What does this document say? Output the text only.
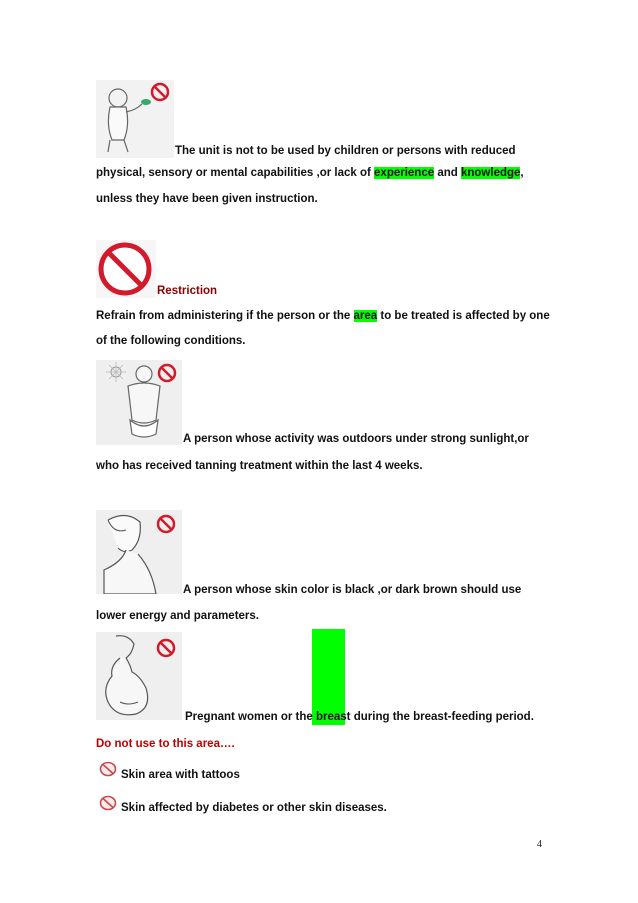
The unit is not to be used by children or persons with reduced
physical, sensory or mental capabilities ,or lack of experience and knowledge,
unless they have been given instruction.
Restriction
Refrain from administering if the person or the area to be treated is affected by one
of the following conditions.
A person whose activity was outdoors under strong sunlight,or
who has received tanning treatment within the last 4 weeks.
A person whose skin color is black ,or dark brown should use
lower energy and parameters.
Pregnant women or the breast during the breast-feeding period.
Do not use to this area….
Skin area with tattoos
Skin affected by diabetes or other skin diseases.
4
